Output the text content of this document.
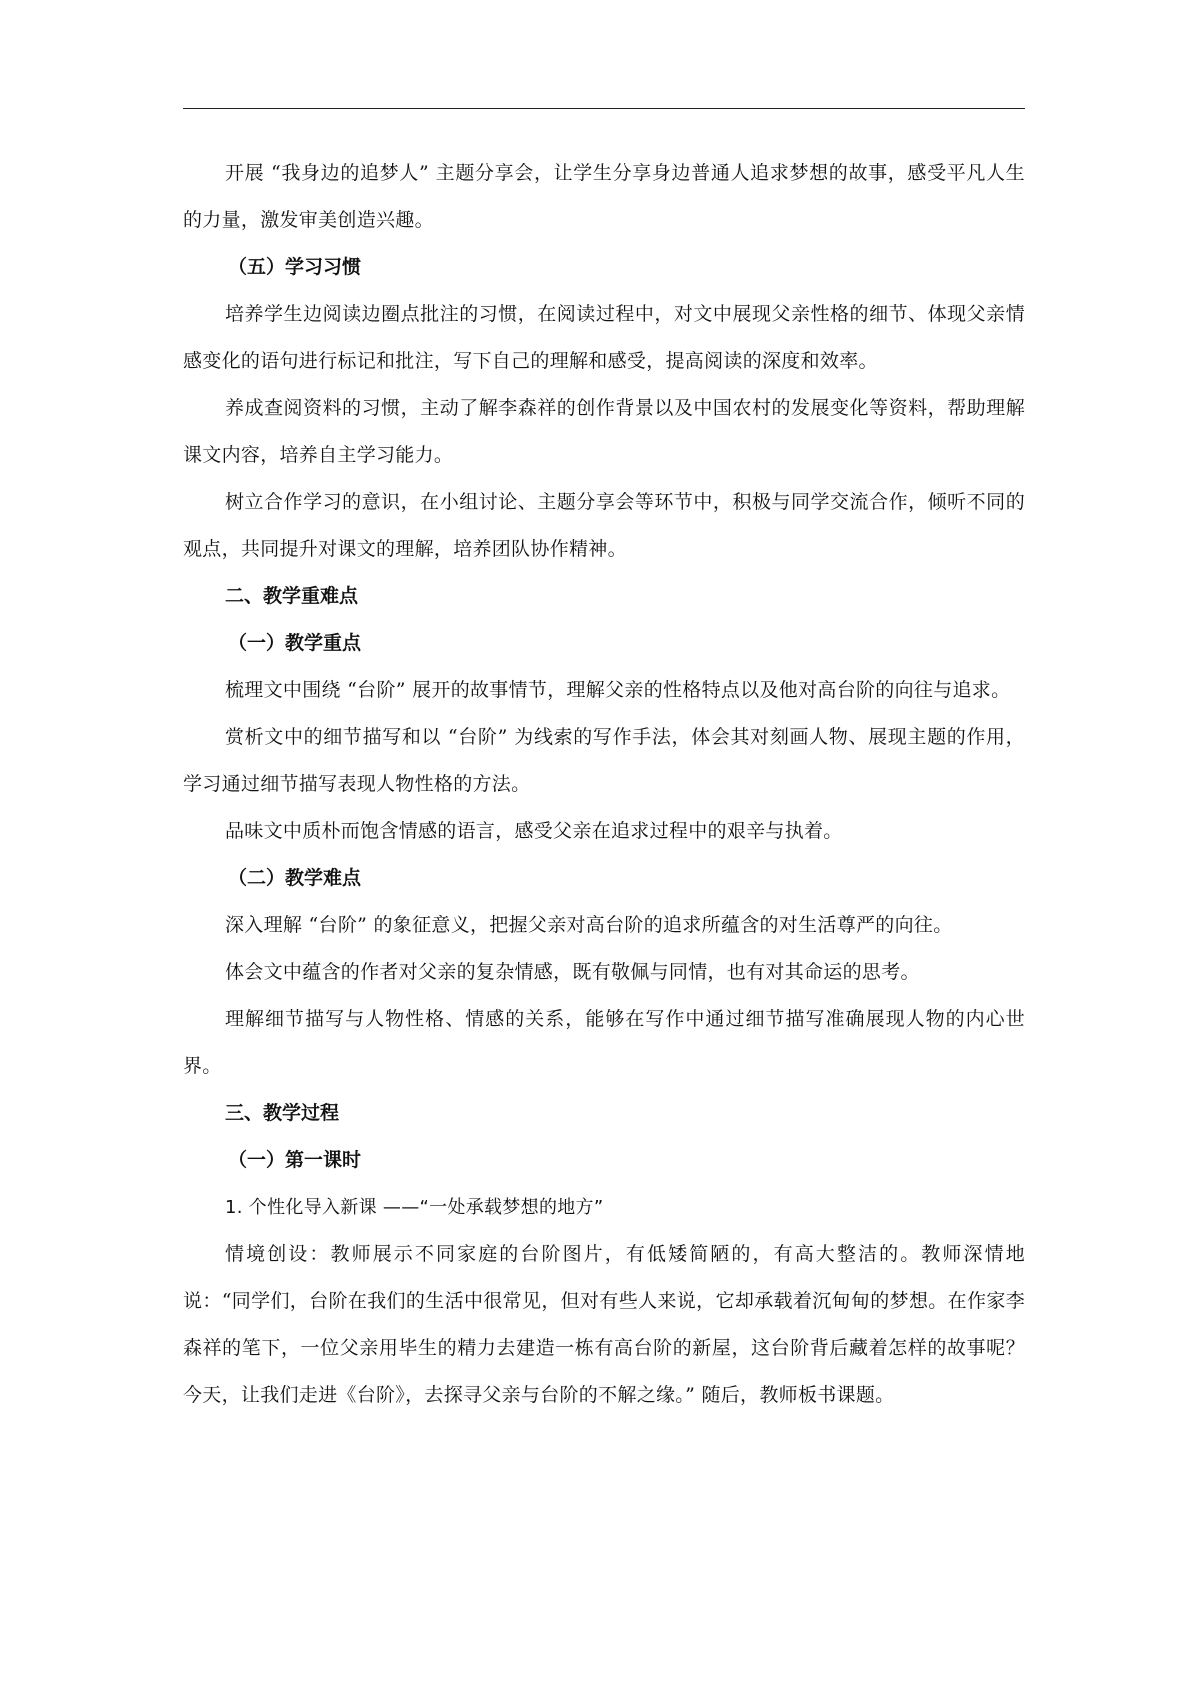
开展 “我身边的追梦人” 主题分享会，让学生分享身边普通人追求梦想的故事，感受平凡人生的力量，激发审美创造兴趣。

（五）学习习惯

培养学生边阅读边圈点批注的习惯，在阅读过程中，对文中展现父亲性格的细节、体现父亲情感变化的语句进行标记和批注，写下自己的理解和感受，提高阅读的深度和效率。

养成查阅资料的习惯，主动了解李森祥的创作背景以及中国农村的发展变化等资料，帮助理解课文内容，培养自主学习能力。

树立合作学习的意识，在小组讨论、主题分享会等环节中，积极与同学交流合作，倾听不同的观点，共同提升对课文的理解，培养团队协作精神。

二、教学重难点

（一）教学重点

梳理文中围绕 “台阶” 展开的故事情节，理解父亲的性格特点以及他对高台阶的向往与追求。

赏析文中的细节描写和以 “台阶” 为线索的写作手法，体会其对刻画人物、展现主题的作用，学习通过细节描写表现人物性格的方法。

品味文中质朴而饱含情感的语言，感受父亲在追求过程中的艰辛与执着。

（二）教学难点

深入理解 “台阶” 的象征意义，把握父亲对高台阶的追求所蕴含的对生活尊严的向往。

体会文中蕴含的作者对父亲的复杂情感，既有敬佩与同情，也有对其命运的思考。

理解细节描写与人物性格、情感的关系，能够在写作中通过细节描写准确展现人物的内心世界。

三、教学过程

（一）第一课时

1. 个性化导入新课 ——“一处承载梦想的地方”

情境创设：教师展示不同家庭的台阶图片，有低矮简陋的，有高大整洁的。教师深情地说：“同学们，台阶在我们的生活中很常见，但对有些人来说，它却承载着沉甸甸的梦想。在作家李森祥的笔下，一位父亲用毕生的精力去建造一栋有高台阶的新屋，这台阶背后藏着怎样的故事呢？今天，让我们走进《台阶》，去探寻父亲与台阶的不解之缘。” 随后，教师板书课题。
